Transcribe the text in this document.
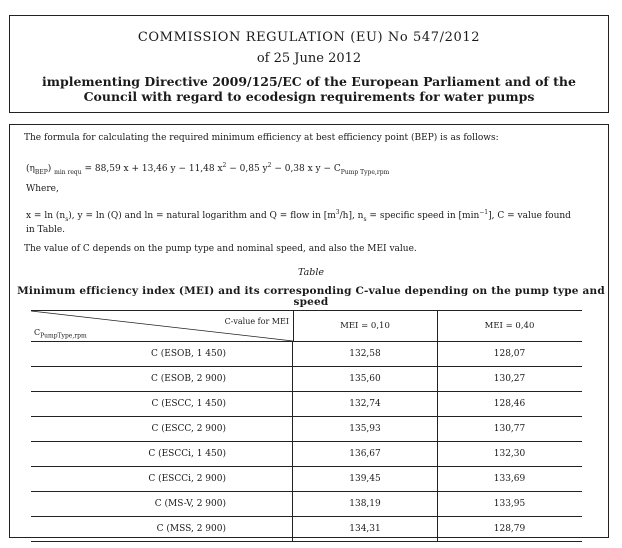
COMMISSION REGULATION (EU) No 547/2012
of 25 June 2012
implementing Directive 2009/125/EC of the European Parliament and of the Council with regard to ecodesign requirements for water pumps
The formula for calculating the required minimum efficiency at best efficiency point (BEP) is as follows:
$(\eta_{BEP}) _{min requ} = 88,59$ x + 13,46 y − 11,48 $x^2 - 0,85$ $y^2 - 0,38$ x $y - C_{Pump Type,rpm}$
Where,
$x = \ln (n_s)$, y = ln (Q) and ln = natural logarithm and Q = flow in $[m^3/h]$, $n_s$ = specific speed in $[\min^{-1}]$, C = value found in Table.
The value of C depends on the pump type and nominal speed, and also the MEI value.
Table
Minimum efficiency index (MEI) and its corresponding C-value depending on the pump type and speed
C-value for MEI
$C_{PumpType,rpm}$
MEI = 0,10	MEI = 0,40
C (ESOB, 1 450)	132,58	128,07
C (ESOB, 2 900)	135,60	130,27
C (ESCC, 1 450)	132,74	128,46
C (ESCC, 2 900)	135,93	130,77
C (ESCCi, 1 450)	136,67	132,30
C (ESCCi, 2 900)	139,45	133,69
C (MS-V, 2 900)	138,19	133,95
C (MSS, 2 900)	134,31	128,79
